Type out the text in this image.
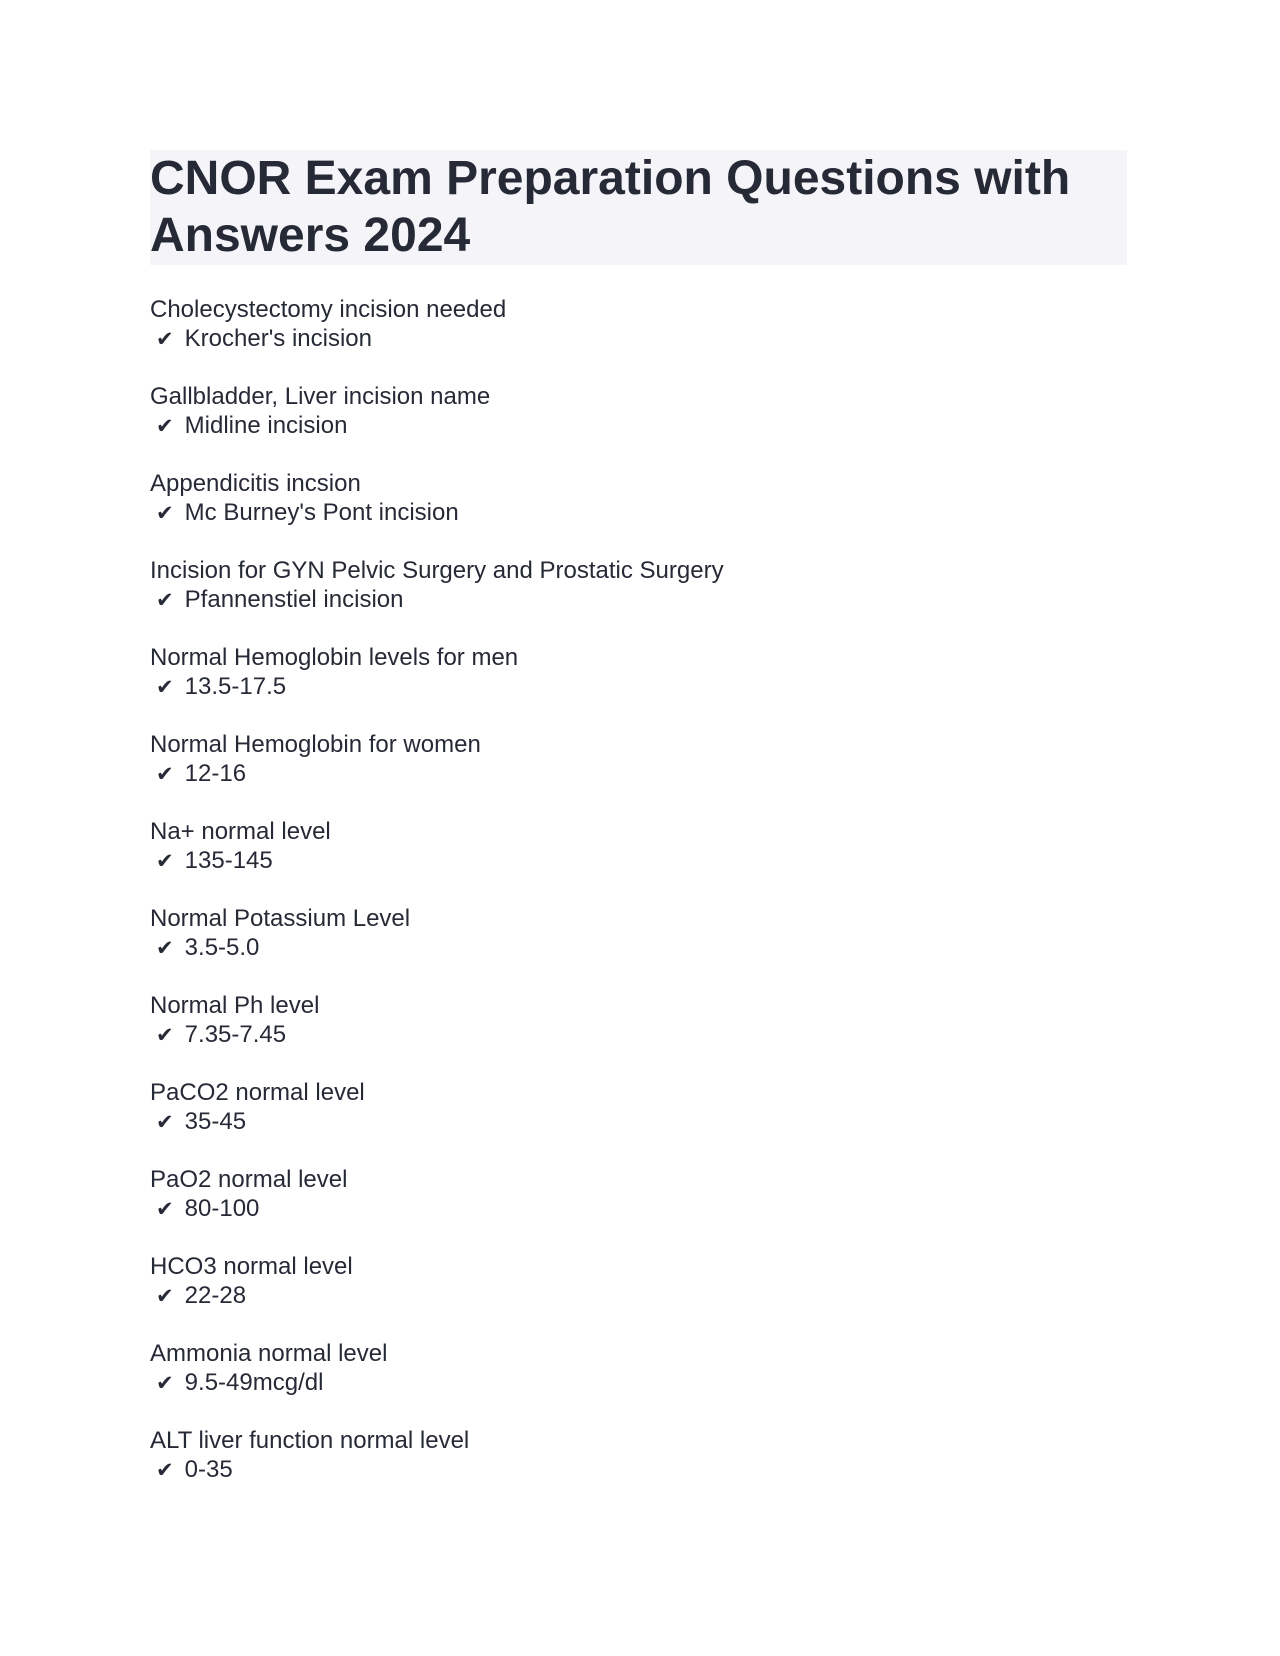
CNOR Exam Preparation Questions with Answers 2024
Cholecystectomy incision needed
✔ Krocher's incision
Gallbladder, Liver incision name
✔ Midline incision
Appendicitis incsion
✔ Mc Burney's Pont incision
Incision for GYN Pelvic Surgery and Prostatic Surgery
✔ Pfannenstiel incision
Normal Hemoglobin levels for men
✔ 13.5-17.5
Normal Hemoglobin for women
✔ 12-16
Na+ normal level
✔ 135-145
Normal Potassium Level
✔ 3.5-5.0
Normal Ph level
✔ 7.35-7.45
PaCO2 normal level
✔ 35-45
PaO2 normal level
✔ 80-100
HCO3 normal level
✔ 22-28
Ammonia normal level
✔ 9.5-49mcg/dl
ALT liver function normal level
✔ 0-35
